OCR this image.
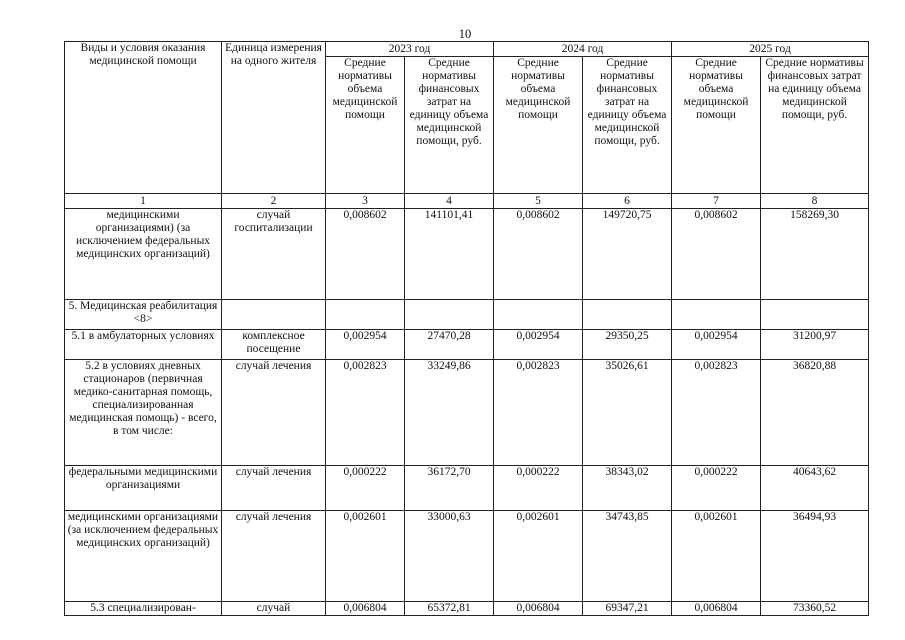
10
Виды и условия оказания медицинской помощи	Единица измерения на одного жителя	2023 год		2024 год		2025 год	
		Средние нормативы объема медицинской помощи	Средние нормативы финансовых затрат на единицу объема медицинской помощи, руб.	Средние нормативы объема медицинской помощи	Средние нормативы финансовых затрат на единицу объема медицинской помощи, руб.	Средние нормативы объема медицинской помощи	Средние нормативы финансовых затрат на единицу объема медицинской помощи, руб.
1	2	3	4	5	6	7	8
медицинскими организациями) (за исключением федеральных медицинских организаций)	случай госпитализации	0,008602	141101,41	0,008602	149720,75	0,008602	158269,30
5. Медицинская реабилитация <8>							
5.1 в амбулаторных условиях	комплексное посещение	0,002954	27470,28	0,002954	29350,25	0,002954	31200,97
5.2 в условиях дневных стационаров (первичная медико-санитарная помощь, специализированная медицинская помощь) - всего, в том числе:	случай лечения	0,002823	33249,86	0,002823	35026,61	0,002823	36820,88
федеральными медицинскими организациями	случай лечения	0,000222	36172,70	0,000222	38343,02	0,000222	40643,62
медицинскими организациями (за исключением федеральных медицинских организаций)	случай лечения	0,002601	33000,63	0,002601	34743,85	0,002601	36494,93
5.3 специализирован-	случай	0,006804	65372,81	0,006804	69347,21	0,006804	73360,52
